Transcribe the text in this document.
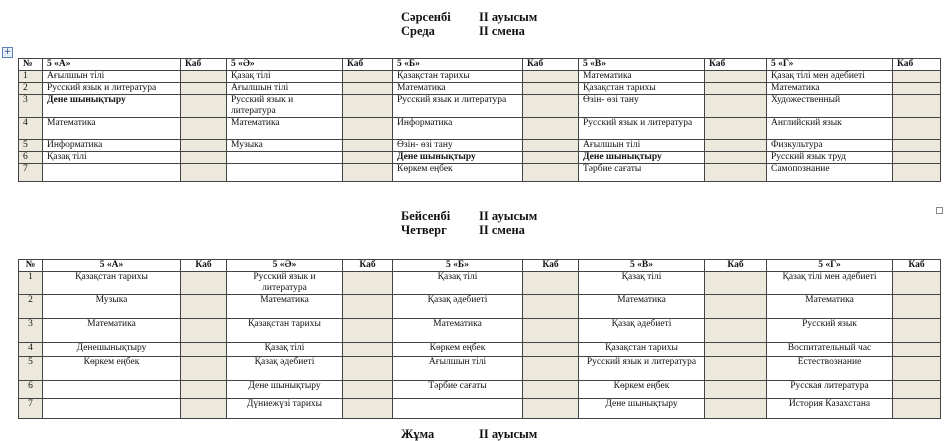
+
Сәрсенбі II ауысым
Среда	II смена
№	5 «А»	Каб	5 «Ә»	Каб	5 «Б»	Каб	5 «В»	Каб	5 «Г»	Каб
1	Ағылшын тілі		Қазақ тілі		Қазақстан тарихы		Математика		Қазақ тілі мен әдебиеті	
2	Русский язык и литература		Ағылшын тілі		Математика		Қазақстан тарихы		Математика	
3	Дене шынықтыру		Русский язык и литература		Русский язык и литература		Өзін- өзі тану		Художественный	
4	Математика		Математика		Информатика		Русский язык и литература		Английский язык	
5	Информатика		Музыка		Өзін- өзі тану		Ағылшын тілі		Физкультура	
6	Қазақ тілі				Дене шынықтыру		Дене шынықтыру		Русский язык труд	
7					Көркем еңбек		Тәрбие сағаты		Самопознание	
Бейсенбі II ауысым
Четверг	II смена
№	5 «А»	Каб	5 «Ә»	Каб	5 «Б»	Каб	5 «В»	Каб	5 «Г»	Каб
1	Қазақстан тарихы		Русский язык и литература		Қазақ тілі		Қазақ тілі		Қазақ тілі мен әдебиеті	
2	Музыка		Математика		Қазақ әдебиеті		Математика		Математика	
3	Математика		Қазақстан тарихы		Математика		Қазақ әдебиеті		Русский язык	
4	Денешынықтыру		Қазақ тілі		Көркем еңбек		Қазақстан тарихы		Воспитательный час	
5	Көркем еңбек		Қазақ әдебиеті		Ағылшын тілі		Русский язык и литература		Естествознание	
6			Дене шынықтыру		Тәрбие сағаты		Көркем еңбек		Русская литература	
7			Дүниежүзі тарихы				Дене шынықтыру		История Казахстана	
Жұма	II ауысым
